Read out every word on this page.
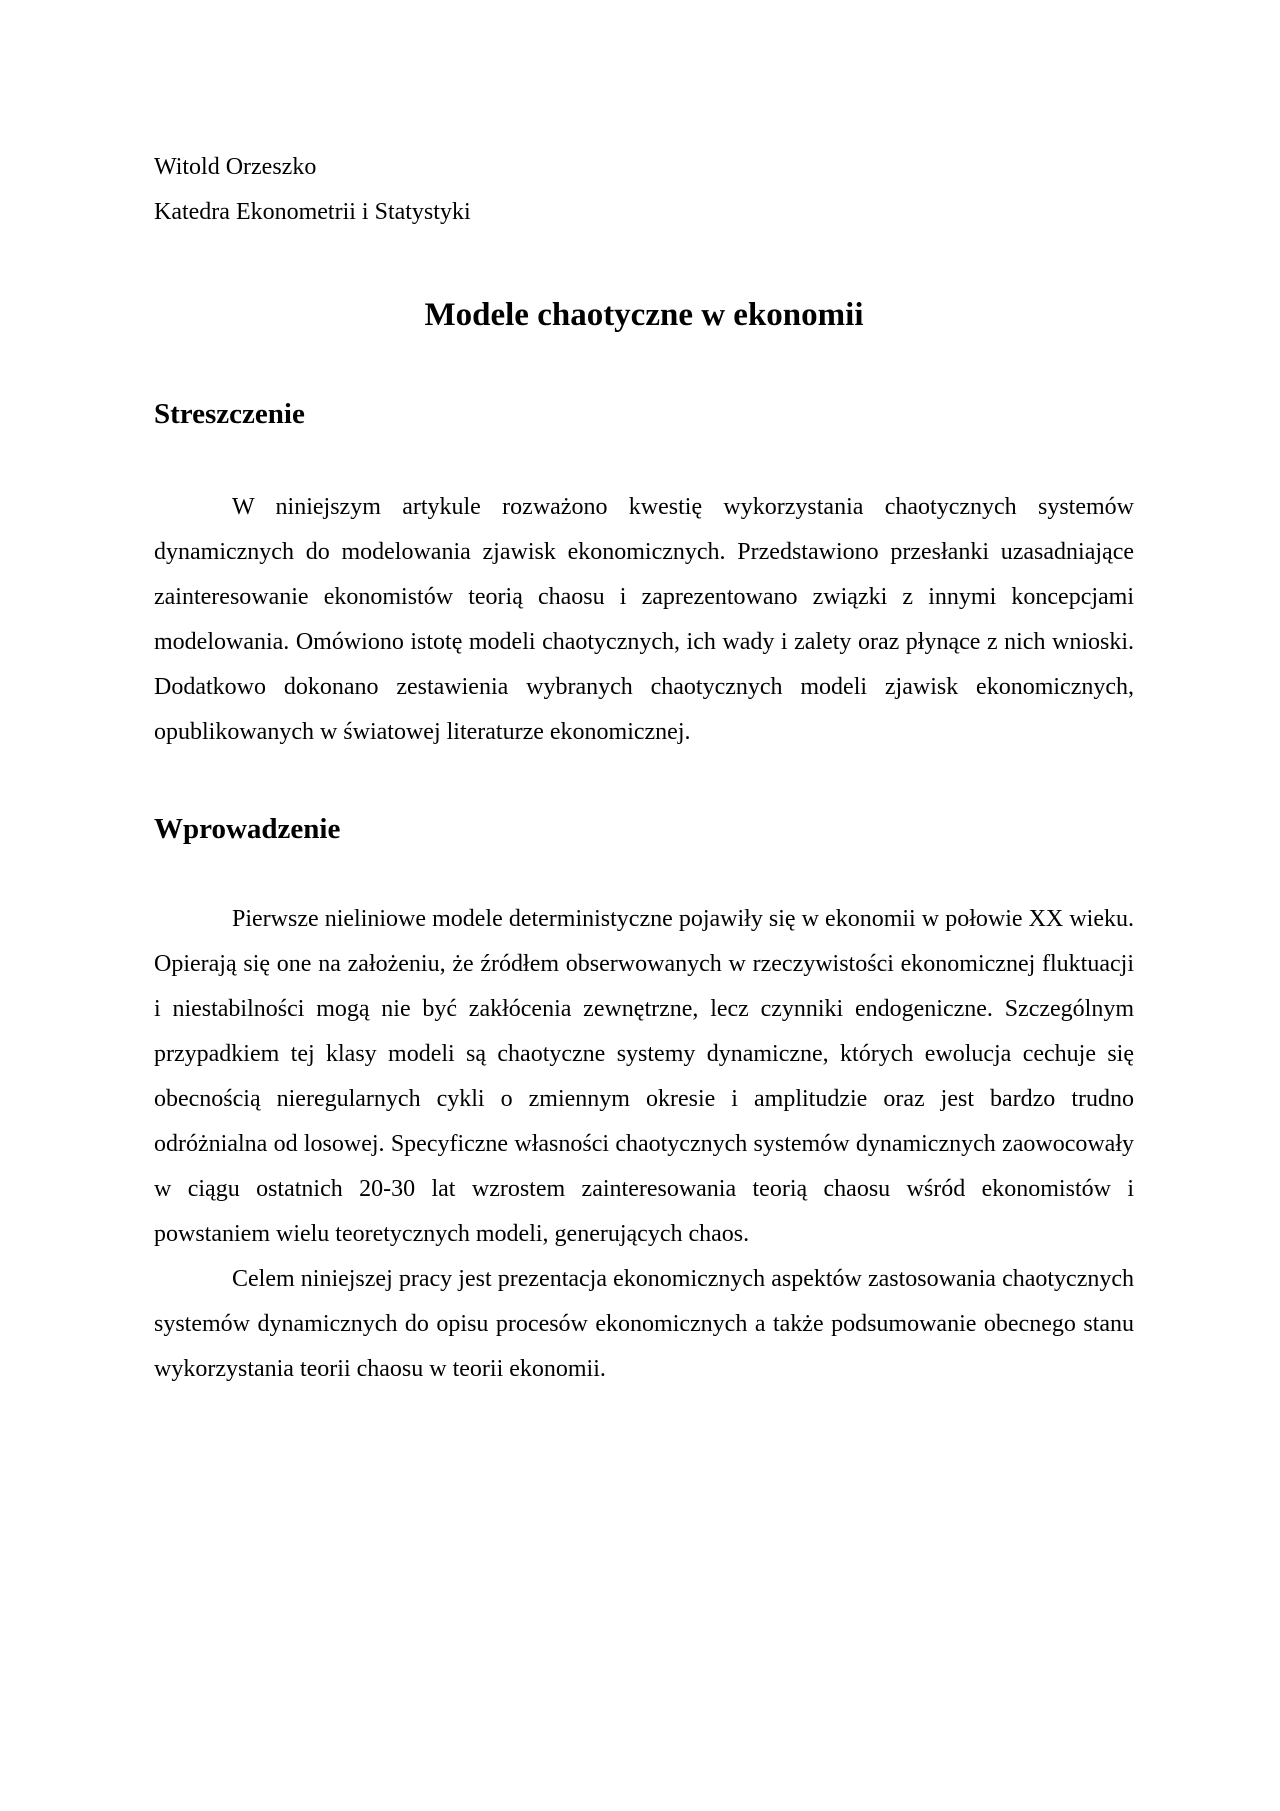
Witold Orzeszko

Katedra Ekonometrii i Statystyki

Modele chaotyczne w ekonomii
Streszczenie

W niniejszym artykule rozważono kwestię wykorzystania chaotycznych systemów dynamicznych do modelowania zjawisk ekonomicznych. Przedstawiono przesłanki uzasadniające zainteresowanie ekonomistów teorią chaosu i zaprezentowano związki z innymi koncepcjami modelowania. Omówiono istotę modeli chaotycznych, ich wady i zalety oraz płynące z nich wnioski. Dodatkowo dokonano zestawienia wybranych chaotycznych modeli zjawisk ekonomicznych, opublikowanych w światowej literaturze ekonomicznej.

Wprowadzenie

Pierwsze nieliniowe modele deterministyczne pojawiły się w ekonomii w połowie XX wieku. Opierają się one na założeniu, że źródłem obserwowanych w rzeczywistości ekonomicznej fluktuacji i niestabilności mogą nie być zakłócenia zewnętrzne, lecz czynniki endogeniczne. Szczególnym przypadkiem tej klasy modeli są chaotyczne systemy dynamiczne, których ewolucja cechuje się obecnością nieregularnych cykli o zmiennym okresie i amplitudzie oraz jest bardzo trudno odróżnialna od losowej. Specyficzne własności chaotycznych systemów dynamicznych zaowocowały w ciągu ostatnich 20-30 lat wzrostem zainteresowania teorią chaosu wśród ekonomistów i powstaniem wielu teoretycznych modeli, generujących chaos.

Celem niniejszej pracy jest prezentacja ekonomicznych aspektów zastosowania chaotycznych systemów dynamicznych do opisu procesów ekonomicznych a także podsumowanie obecnego stanu wykorzystania teorii chaosu w teorii ekonomii.
